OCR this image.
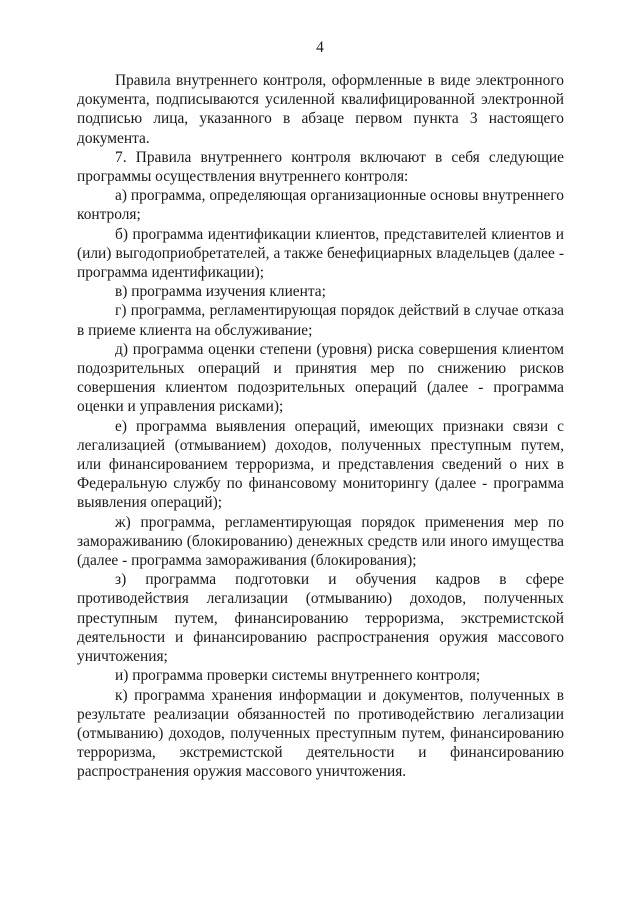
4

Правила внутреннего контроля, оформленные в виде электронного документа, подписываются усиленной квалифицированной электронной подписью лица, указанного в абзаце первом пункта 3 настоящего документа.

7. Правила внутреннего контроля включают в себя следующие программы осуществления внутреннего контроля:

а) программа, определяющая организационные основы внутреннего контроля;

б) программа идентификации клиентов, представителей клиентов и (или) выгодоприобретателей, а также бенефициарных владельцев (далее - программа идентификации);

в) программа изучения клиента;

г) программа, регламентирующая порядок действий в случае отказа в приеме клиента на обслуживание;

д) программа оценки степени (уровня) риска совершения клиентом подозрительных операций и принятия мер по снижению рисков совершения клиентом подозрительных операций (далее - программа оценки и управления рисками);

е) программа выявления операций, имеющих признаки связи с легализацией (отмыванием) доходов, полученных преступным путем, или финансированием терроризма, и представления сведений о них в Федеральную службу по финансовому мониторингу (далее - программа выявления операций);

ж) программа, регламентирующая порядок применения мер по замораживанию (блокированию) денежных средств или иного имущества (далее - программа замораживания (блокирования);

з) программа подготовки и обучения кадров в сфере противодействия легализации (отмыванию) доходов, полученных преступным путем, финансированию терроризма, экстремистской деятельности и финансированию распространения оружия массового уничтожения;

и) программа проверки системы внутреннего контроля;

к) программа хранения информации и документов, полученных в результате реализации обязанностей по противодействию легализации (отмыванию) доходов, полученных преступным путем, финансированию терроризма, экстремистской деятельности и финансированию распространения оружия массового уничтожения.
